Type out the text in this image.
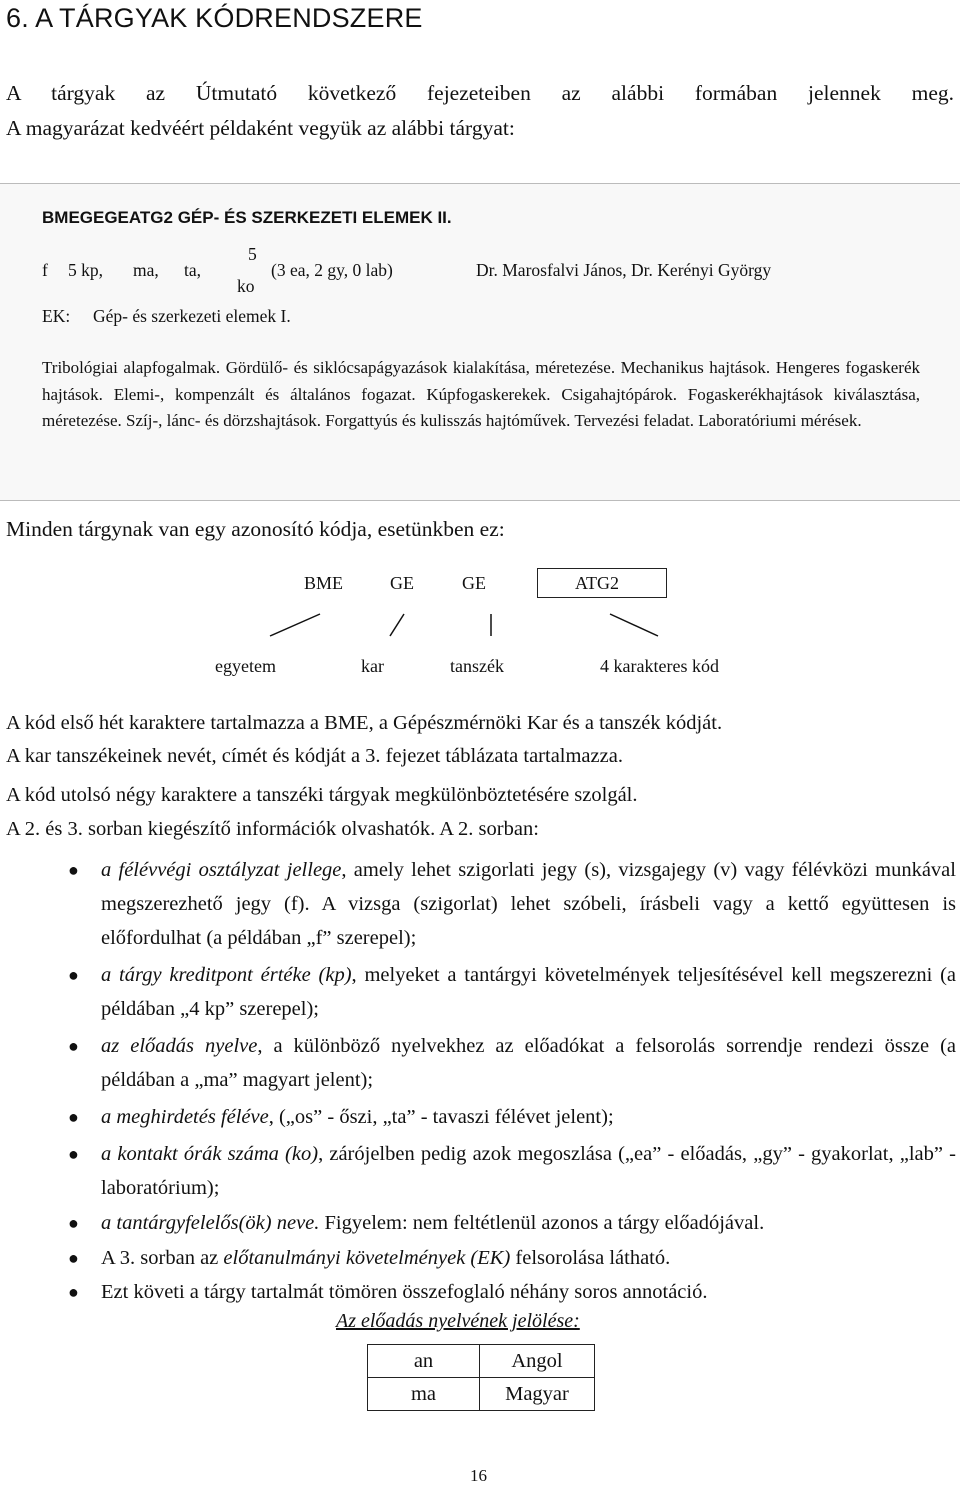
6. A TÁRGYAK KÓDRENDSZERE
A tárgyak az Útmutató következő fejezeteiben az alábbi formában jelennek meg.
A magyarázat kedvéért példaként vegyük az alábbi tárgyat:
BMEGEGEATG2 GÉP- ÉS SZERKEZETI ELEMEK II.
f 5 kp, ma, ta,
5
ko
(3 ea, 2 gy, 0 lab)	Dr. Marosfalvi János, Dr. Kerényi György
EK: Gép- és szerkezeti elemek I.
Tribológiai alapfogalmak. Gördülő- és siklócsapágyazások kialakítása, méretezése. Mechanikus hajtások. Hengeres fogaskerék hajtások. Elemi-, kompenzált és általános fogazat. Kúpfogaskerekek. Csigahajtópárok. Fogaskerékhajtások kiválasztása, méretezése. Szíj-, lánc- és dörzshajtások. Forgattyús és kulisszás hajtóművek. Tervezési feladat. Laboratóriumi mérések.
Minden tárgynak van egy azonosító kódja, esetünkben ez:
BME	GE	GE	ATG2
egyetem	kar	tanszék	4 karakteres kód
A kód első hét karaktere tartalmazza a BME, a Gépészmérnöki Kar és a tanszék kódját.
A kar tanszékeinek nevét, címét és kódját a 3. fejezet táblázata tartalmazza.
A kód utolsó négy karaktere a tanszéki tárgyak megkülönböztetésére szolgál.
A 2. és 3. sorban kiegészítő információk olvashatók. A 2. sorban:
● a félévvégi osztályzat jellege, amely lehet szigorlati jegy (s), vizsgajegy (v) vagy félévközi munkával megszerezhető jegy (f). A vizsga (szigorlat) lehet szóbeli, írásbeli vagy a kettő együttesen is előfordulhat (a példában „f” szerepel);
● a tárgy kreditpont értéke (kp), melyeket a tantárgyi követelmények teljesítésével kell megszerezni (a példában „4 kp” szerepel);
● az előadás nyelve, a különböző nyelvekhez az előadókat a felsorolás sorrendje rendezi össze (a példában a „ma” magyart jelent);
● a meghirdetés féléve, („os” - őszi, „ta” - tavaszi félévet jelent);
● a kontakt órák száma (ko), zárójelben pedig azok megoszlása („ea” - előadás, „gy” - gyakorlat, „lab” - laboratórium);
● a tantárgyfelelős(ök) neve. Figyelem: nem feltétlenül azonos a tárgy előadójával.
● A 3. sorban az előtanulmányi követelmények (EK) felsorolása látható.
● Ezt követi a tárgy tartalmát tömören összefoglaló néhány soros annotáció.
Az előadás nyelvének jelölése:
an	Angol
ma	Magyar
16
